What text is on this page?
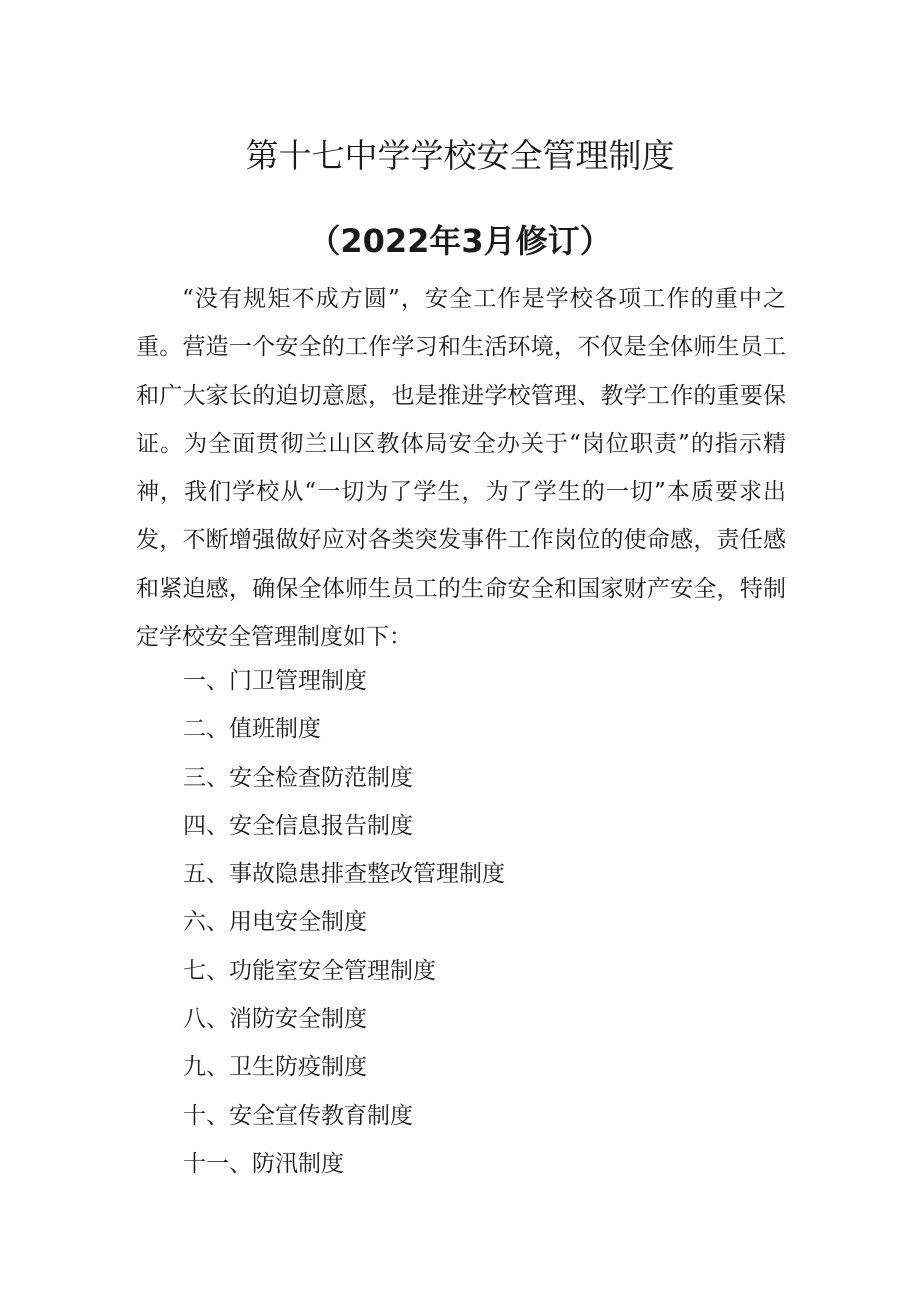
第十七中学学校安全管理制度
（2022年3月修订）

“没有规矩不成方圆”，安全工作是学校各项工作的重中之重。营造一个安全的工作学习和生活环境，不仅是全体师生员工和广大家长的迫切意愿，也是推进学校管理、教学工作的重要保证。为全面贯彻兰山区教体局安全办关于“岗位职责”的指示精神，我们学校从“一切为了学生，为了学生的一切”本质要求出发，不断增强做好应对各类突发事件工作岗位的使命感，责任感和紧迫感，确保全体师生员工的生命安全和国家财产安全，特制定学校安全管理制度如下：

一、门卫管理制度
二、值班制度
三、安全检查防范制度
四、安全信息报告制度
五、事故隐患排查整改管理制度
六、用电安全制度
七、功能室安全管理制度
八、消防安全制度
九、卫生防疫制度
十、安全宣传教育制度
十一、防汛制度
